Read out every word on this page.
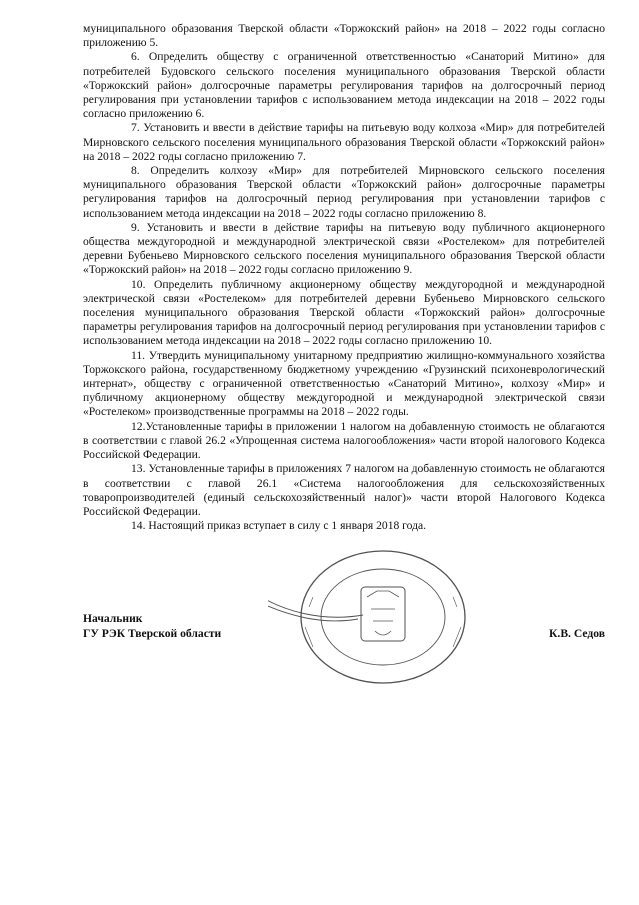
муниципального образования Тверской области «Торжокский район» на 2018 – 2022 годы согласно приложению 5.

6. Определить обществу с ограниченной ответственностью «Санаторий Митино» для потребителей Будовского сельского поселения муниципального образования Тверской области «Торжокский район» долгосрочные параметры регулирования тарифов на долгосрочный период регулирования при установлении тарифов с использованием метода индексации на 2018 – 2022 годы согласно приложению 6.

7. Установить и ввести в действие тарифы на питьевую воду колхоза «Мир» для потребителей Мирновского сельского поселения муниципального образования Тверской области «Торжокский район» на 2018 – 2022 годы согласно приложению 7.

8. Определить колхозу «Мир» для потребителей Мирновского сельского поселения муниципального образования Тверской области «Торжокский район» долгосрочные параметры регулирования тарифов на долгосрочный период регулирования при установлении тарифов с использованием метода индексации на 2018 – 2022 годы согласно приложению 8.

9. Установить и ввести в действие тарифы на питьевую воду публичного акционерного общества междугородной и международной электрической связи «Ростелеком» для потребителей деревни Бубеньево Мирновского сельского поселения муниципального образования Тверской области «Торжокский район» на 2018 – 2022 годы согласно приложению 9.

10. Определить публичному акционерному обществу междугородной и международной электрической связи «Ростелеком» для потребителей деревни Бубеньево Мирновского сельского поселения муниципального образования Тверской области «Торжокский район» долгосрочные параметры регулирования тарифов на долгосрочный период регулирования при установлении тарифов с использованием метода индексации на 2018 – 2022 годы согласно приложению 10.

11. Утвердить муниципальному унитарному предприятию жилищно-коммунального хозяйства Торжокского района, государственному бюджетному учреждению «Грузинский психоневрологический интернат», обществу с ограниченной ответственностью «Санаторий Митино», колхозу «Мир» и публичному акционерному обществу междугородной и международной электрической связи «Ростелеком» производственные программы на 2018 – 2022 годы.

12.Установленные тарифы в приложении 1 налогом на добавленную стоимость не облагаются в соответствии с главой 26.2 «Упрощенная система налогообложения» части второй налогового Кодекса Российской Федерации.

13. Установленные тарифы в приложениях 7 налогом на добавленную стоимость не облагаются в соответствии с главой 26.1 «Система налогообложения для сельскохозяйственных товаропроизводителей (единый сельскохозяйственный налог)» части второй Налогового Кодекса Российской Федерации.

14. Настоящий приказ вступает в силу с 1 января 2018 года.

Начальник
ГУ РЭК Тверской области	К.В. Седов
